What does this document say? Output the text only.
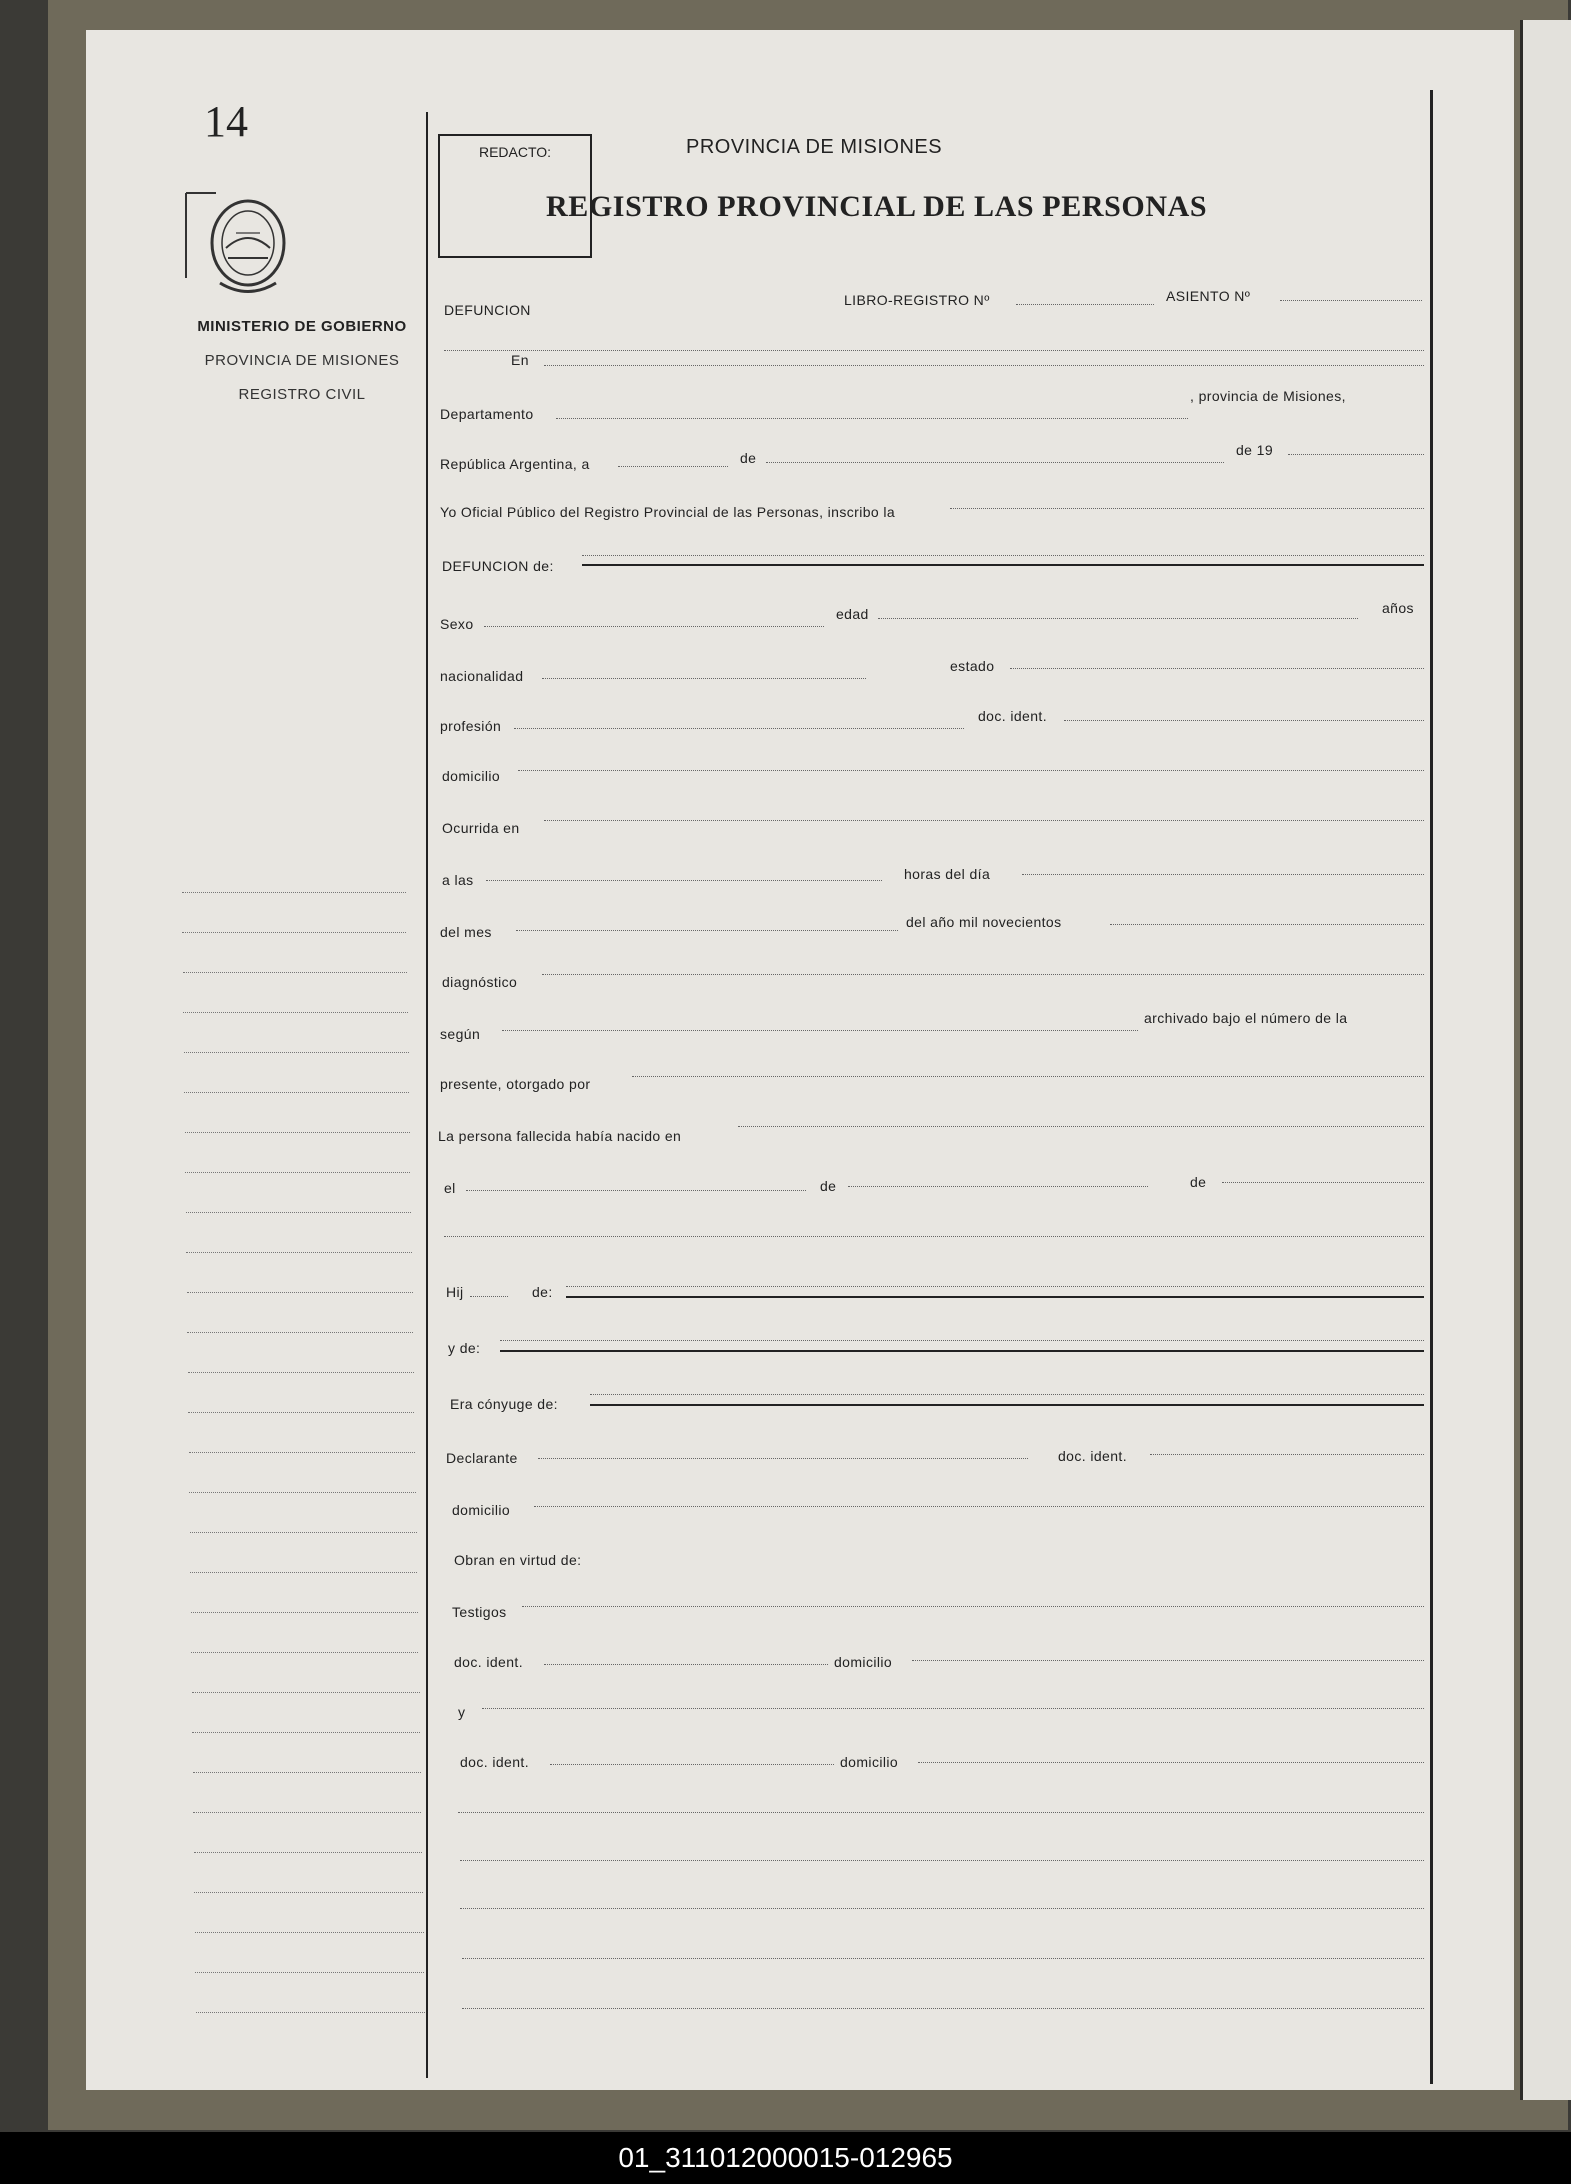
14
MINISTERIO DE GOBIERNO
PROVINCIA DE MISIONES
REGISTRO CIVIL
REDACTO:	PROVINCIA DE MISIONES
REGISTRO PROVINCIAL DE LAS PERSONAS
DEFUNCION
LIBRO-REGISTRO Nº	ASIENTO Nº
En
Departamento
, provincia de Misiones,
República Argentina, a	de	de 19
Yo Oficial Público del Registro Provincial de las Personas, inscribo la
DEFUNCION de:
Sexo
edad	años
nacionalidad
estado
profesión
doc. ident.
domicilio
Ocurrida en
a las	horas del día
del mes
del año mil novecientos
diagnóstico
según
archivado bajo el número de la
presente, otorgado por
La persona fallecida había nacido en
el	de	de
Hij	de:
y de:
Era cónyuge de:
Declarante	doc. ident.
domicilio
Obran en virtud de:
Testigos
doc. ident.	domicilio
y
doc. ident.	domicilio
01_311012000015-012965
